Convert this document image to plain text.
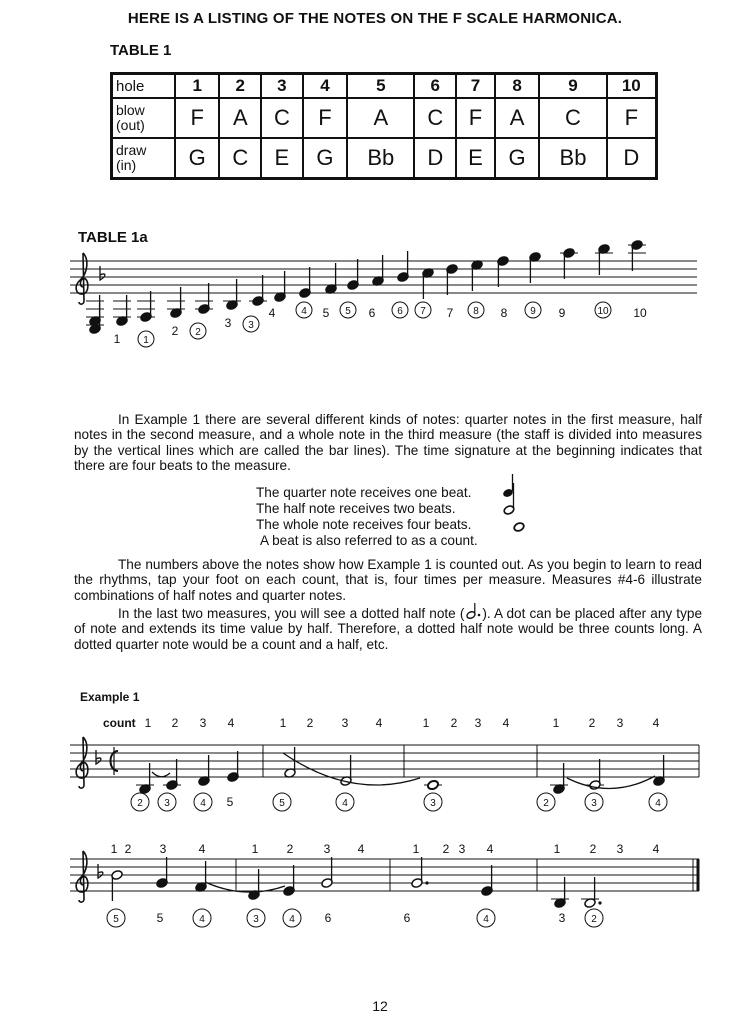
HERE IS A LISTING OF THE NOTES ON THE F SCALE HARMONICA.
TABLE 1
hole	1	2	3	4	5	6	7	8	9	10
blow
(out)	F	A	C	F	A	C	F	A	C	F
draw
(in)	G	C	E	G	Bb	D	E	G	Bb	D
TABLE 1a
1
2
3
4	5	6	7	8	9	10
1
2
3
4	5	6 7	8	9	10

In Example 1 there are several different kinds of notes: quarter notes in the first measure, half notes in the second measure, and a whole note in the third measure (the staff is divided into measures by the vertical lines which are called the bar lines). The time signature at the beginning indicates that there are four beats to the measure.

The quarter note receives one beat.
The half note receives two beats.
The whole note receives four beats.
A beat is also referred to as a count.

The numbers above the notes show how Example 1 is counted out. As you begin to learn to read the rhythms, tap your foot on each count, that is, four times per measure. Measures #4-6 illustrate combinations of half notes and quarter notes.

In the last two measures, you will see a dotted half note ( ). A dot can be placed after any type of note and extends its time value by half. Therefore, a dotted half note would be three counts long. A dotted quarter note would be a count and a half, etc.

Example 1
count 1 2 3 4	1 2 3 4	1 2 3 4	1 2 3 4
2 3	4 5	5	4	3	2	3	4
1 2 3	4	1 2	3 4	1 2 3 4	1 2 3 4
5	5	4	3	4 6	6	4	3	2
12
